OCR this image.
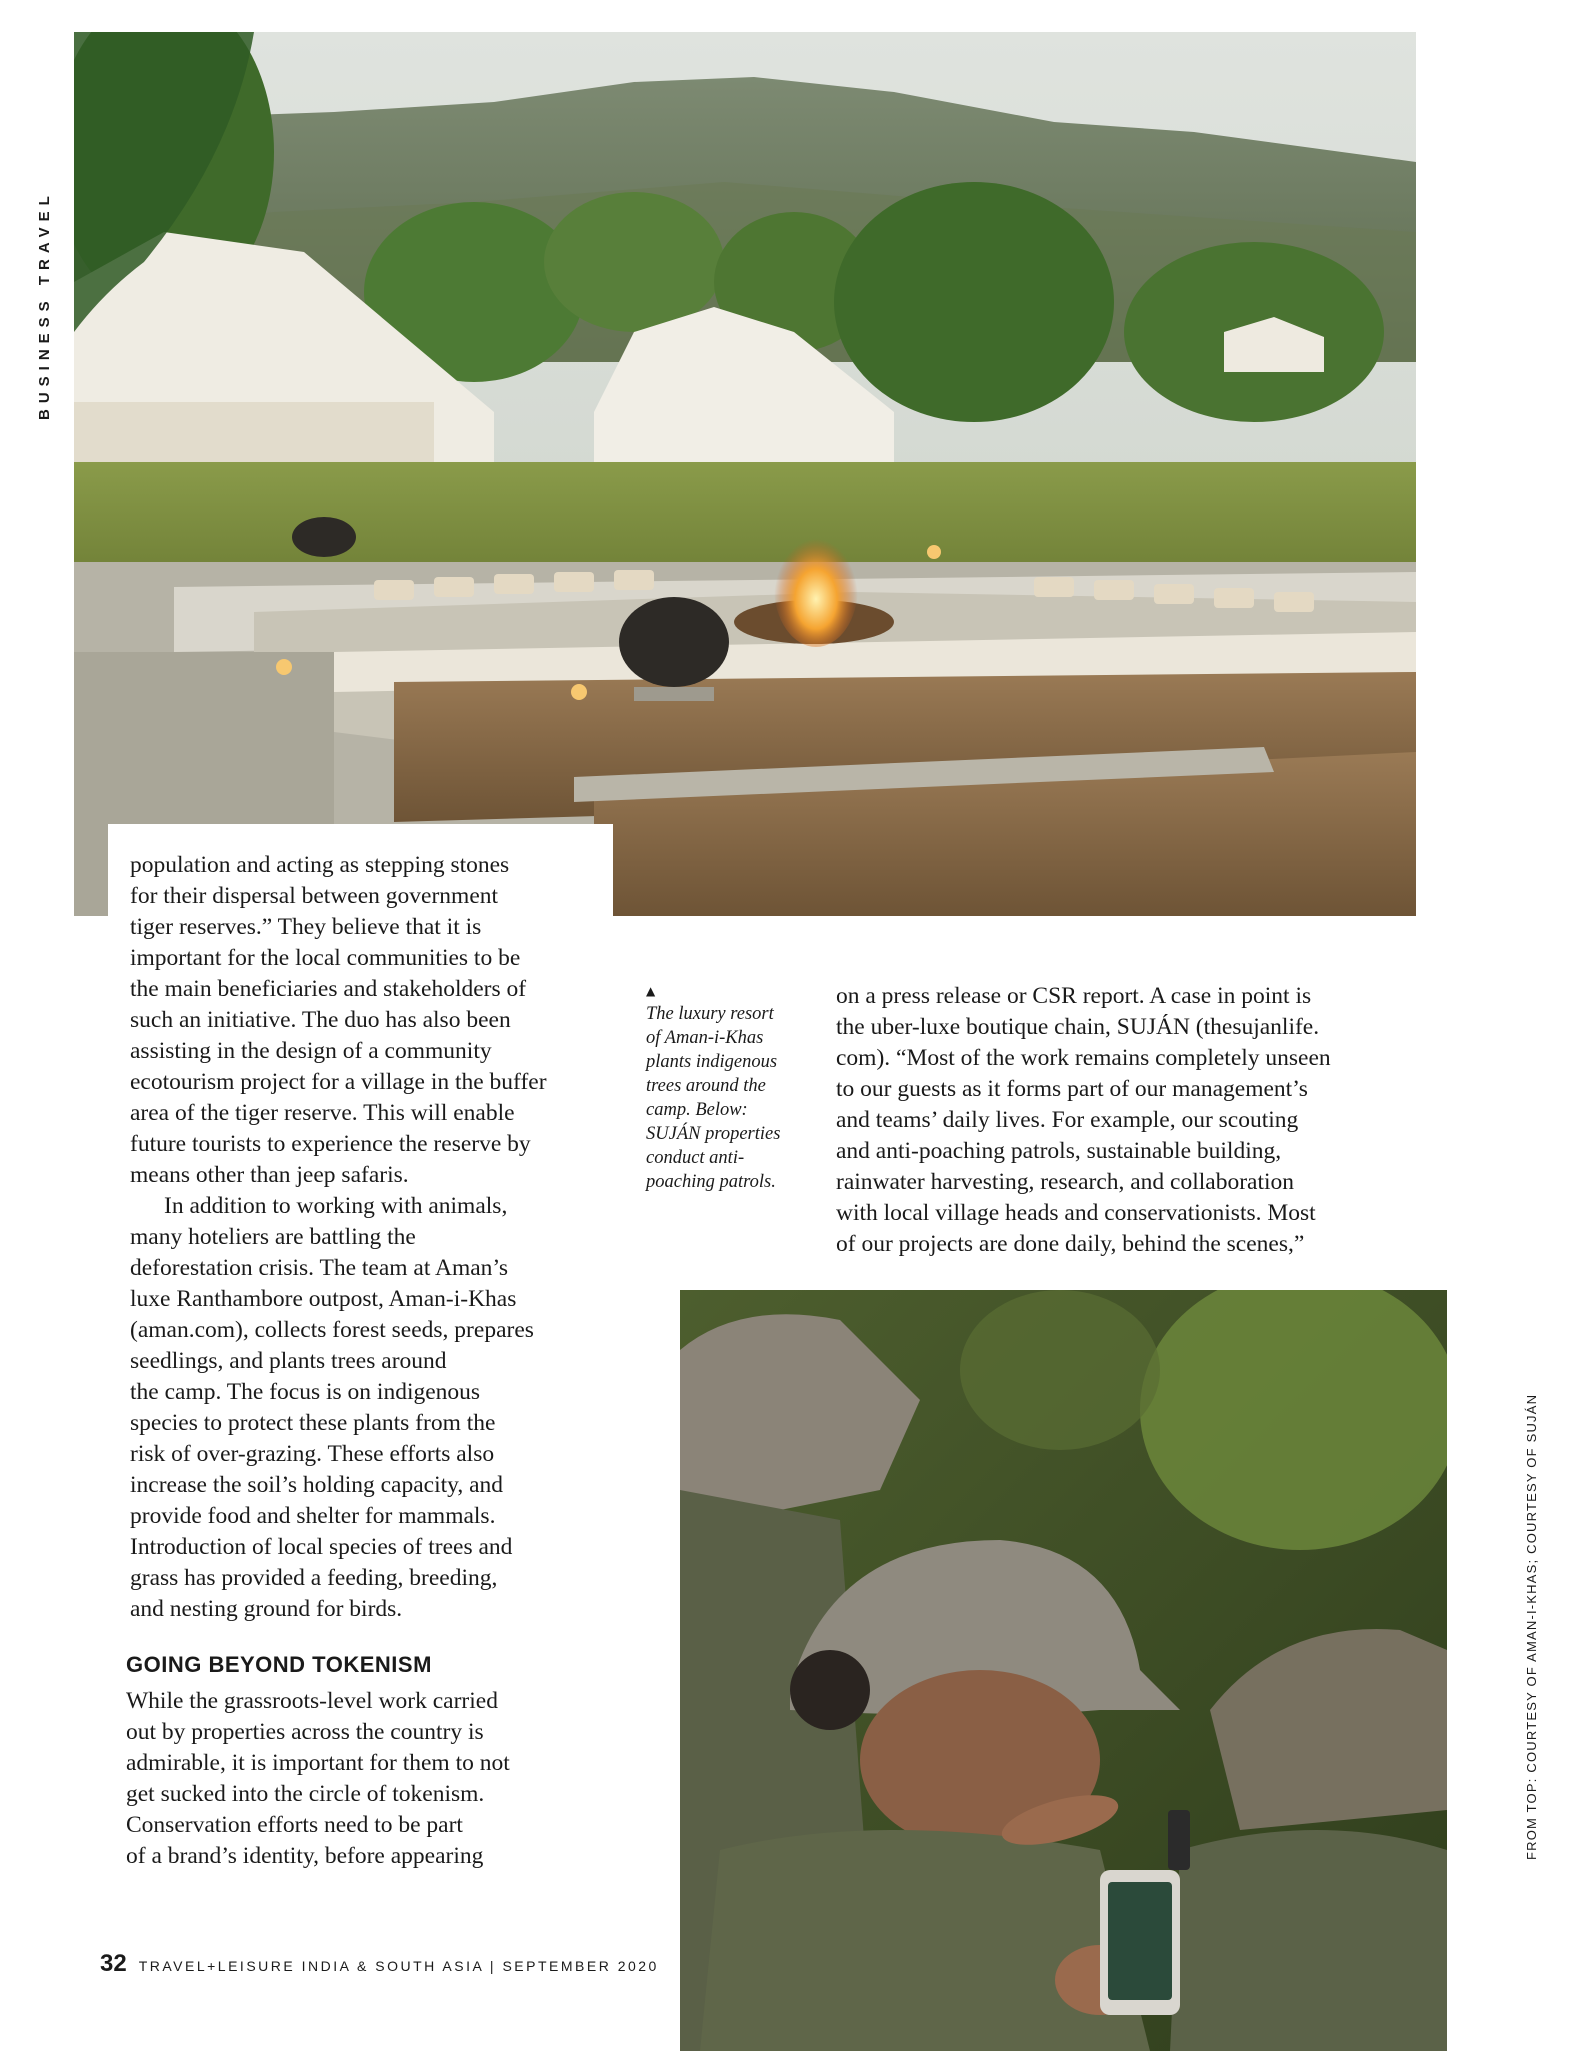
BUSINESS TRAVEL

population and acting as stepping stones
for their dispersal between government
tiger reserves.” They believe that it is
important for the local communities to be
the main beneficiaries and stakeholders of
such an initiative. The duo has also been
assisting in the design of a community
ecotourism project for a village in the buffer
area of the tiger reserve. This will enable
future tourists to experience the reserve by
means other than jeep safaris.

In addition to working with animals,

many hoteliers are battling the
deforestation crisis. The team at Aman’s
luxe Ranthambore outpost, Aman-i-Khas
(aman.com), collects forest seeds, prepares
seedlings, and plants trees around
the camp. The focus is on indigenous
species to protect these plants from the
risk of over-grazing. These efforts also
increase the soil’s holding capacity, and
provide food and shelter for mammals.
Introduction of local species of trees and
grass has provided a feeding, breeding,
and nesting ground for birds.

GOING BEYOND TOKENISM

While the grassroots-level work carried
out by properties across the country is
admirable, it is important for them to not
get sucked into the circle of tokenism.
Conservation efforts need to be part
of a brand’s identity, before appearing

▲
The luxury resort
of Aman-i-Khas
plants indigenous
trees around the
camp. Below:
SUJÁN properties
conduct anti-
poaching patrols.

on a press release or CSR report. A case in point is
the uber-luxe boutique chain, SUJÁN (thesujanlife.
com). “Most of the work remains completely unseen
to our guests as it forms part of our management’s
and teams’ daily lives. For example, our scouting
and anti-poaching patrols, sustainable building,
rainwater harvesting, research, and collaboration
with local village heads and conservationists. Most
of our projects are done daily, behind the scenes,”

FROM TOP: COURTESY OF AMAN-I-KHAS; COURTESY OF SUJÁN
32 TRAVEL+LEISURE INDIA & SOUTH ASIA | SEPTEMBER 2020
